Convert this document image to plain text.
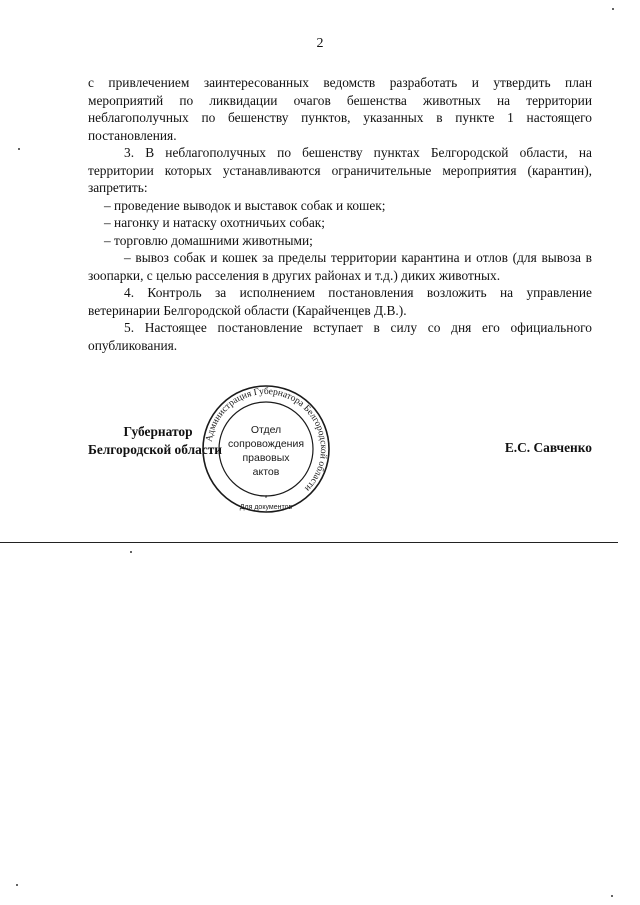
2

с привлечением заинтересованных ведомств разработать и утвердить план мероприятий по ликвидации очагов бешенства животных на территории неблагополучных по бешенству пунктов, указанных в пункте 1 настоящего постановления.

3. В неблагополучных по бешенству пунктах Белгородской области, на территории которых устанавливаются ограничительные мероприятия (карантин), запретить:

– проведение выводок и выставок собак и кошек;

– нагонку и натаску охотничьих собак;

– торговлю домашними животными;

– вывоз собак и кошек за пределы территории карантина и отлов (для вывоза в зоопарки, с целью расселения в других районах и т.д.) диких животных.

4. Контроль за исполнением постановления возложить на управление ветеринарии Белгородской области (Карайченцев Д.В.).

5. Настоящее постановление вступает в силу со дня его официального опубликования.

Губернатор
Белгородской области	Е.С. Савченко
Администрация Губернатора Белгородской области
Для документов
Отдел
сопровождения
правовых
актов
*
